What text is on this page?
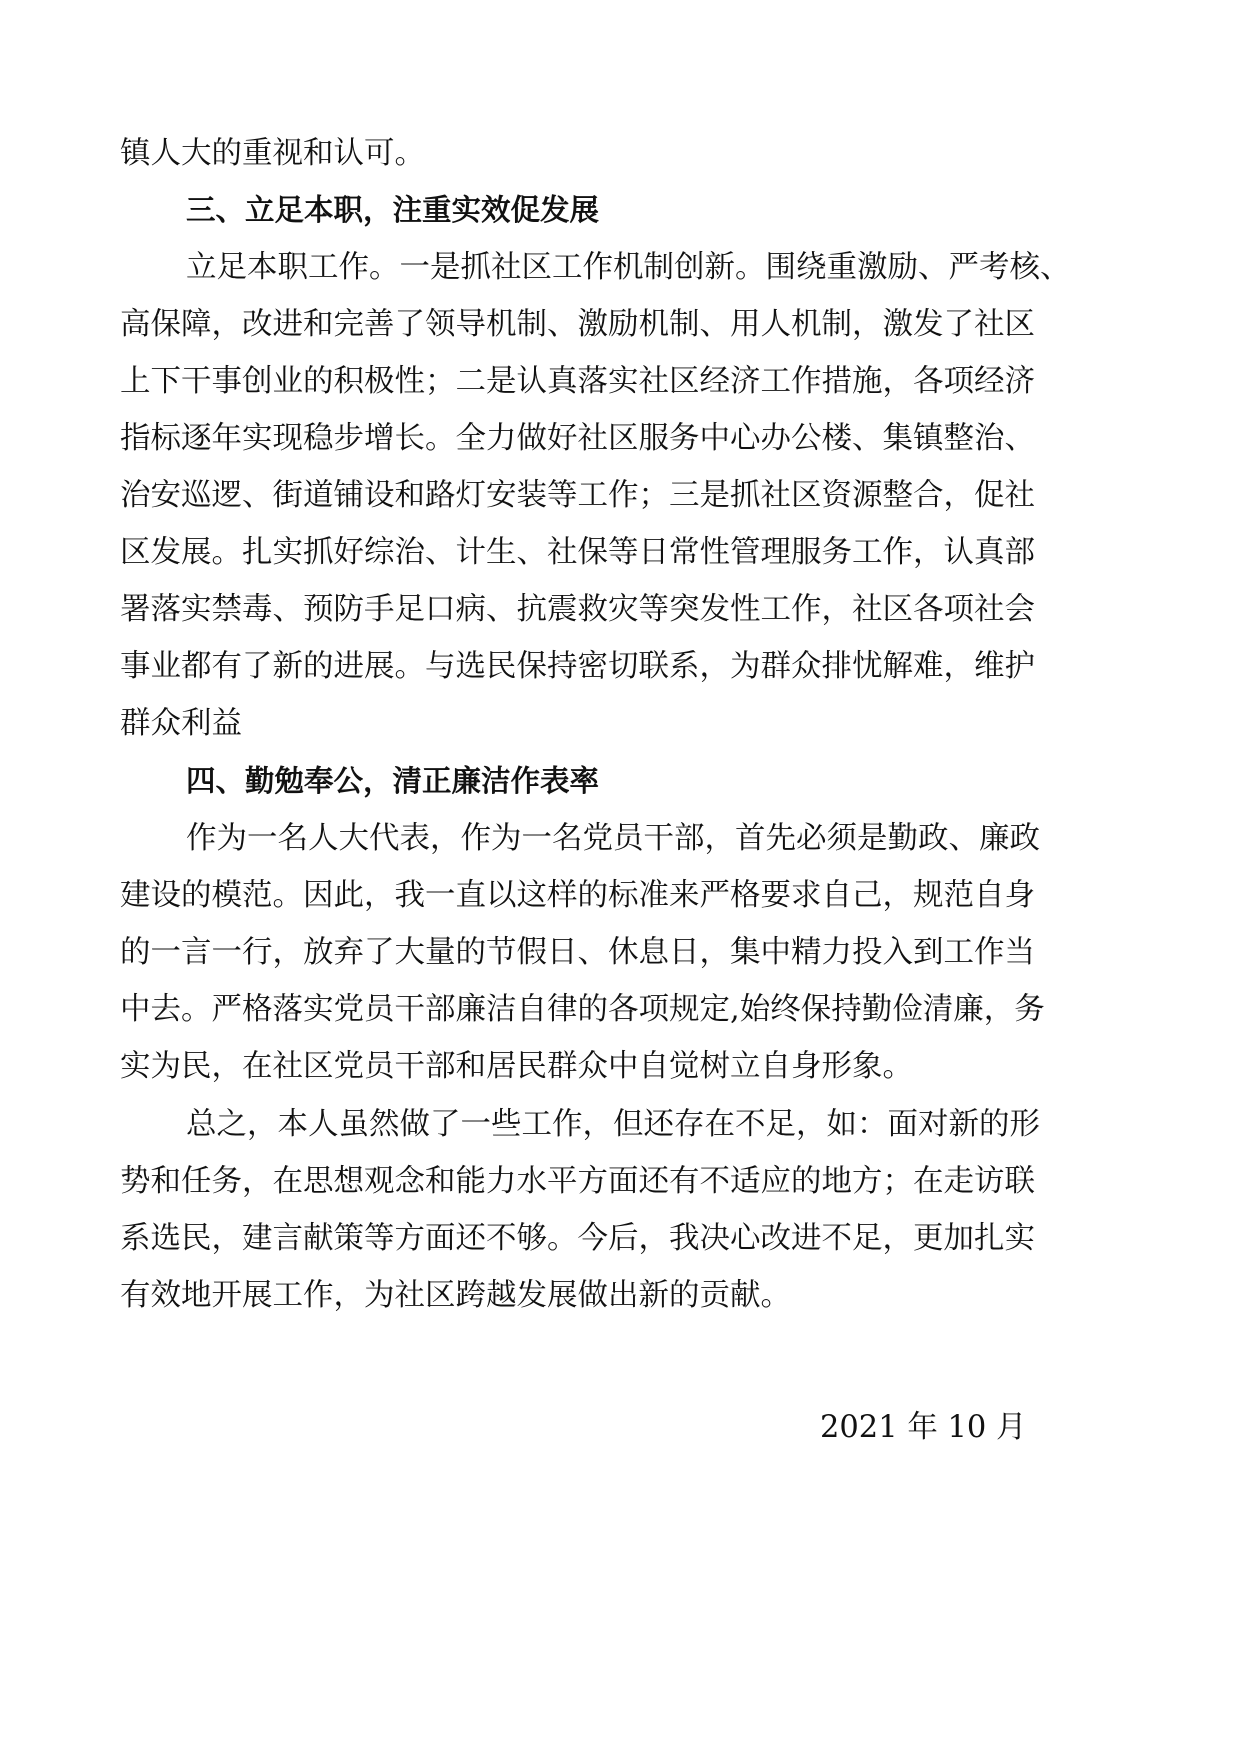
镇人大的重视和认可。
三、立足本职，注重实效促发展
立足本职工作。一是抓社区工作机制创新。围绕重激励、严考核、
高保障，改进和完善了领导机制、激励机制、用人机制，激发了社区
上下干事创业的积极性；二是认真落实社区经济工作措施，各项经济
指标逐年实现稳步增长。全力做好社区服务中心办公楼、集镇整治、
治安巡逻、街道铺设和路灯安装等工作；三是抓社区资源整合，促社
区发展。扎实抓好综治、计生、社保等日常性管理服务工作，认真部
署落实禁毒、预防手足口病、抗震救灾等突发性工作，社区各项社会
事业都有了新的进展。与选民保持密切联系，为群众排忧解难，维护
群众利益
四、勤勉奉公，清正廉洁作表率
作为一名人大代表，作为一名党员干部，首先必须是勤政、廉政
建设的模范。因此，我一直以这样的标准来严格要求自己，规范自身
的一言一行，放弃了大量的节假日、休息日，集中精力投入到工作当
中去。严格落实党员干部廉洁自律的各项规定,始终保持勤俭清廉，务
实为民，在社区党员干部和居民群众中自觉树立自身形象。
总之，本人虽然做了一些工作，但还存在不足，如：面对新的形
势和任务，在思想观念和能力水平方面还有不适应的地方；在走访联
系选民，建言献策等方面还不够。今后，我决心改进不足，更加扎实
有效地开展工作，为社区跨越发展做出新的贡献。
2021 年 10 月
